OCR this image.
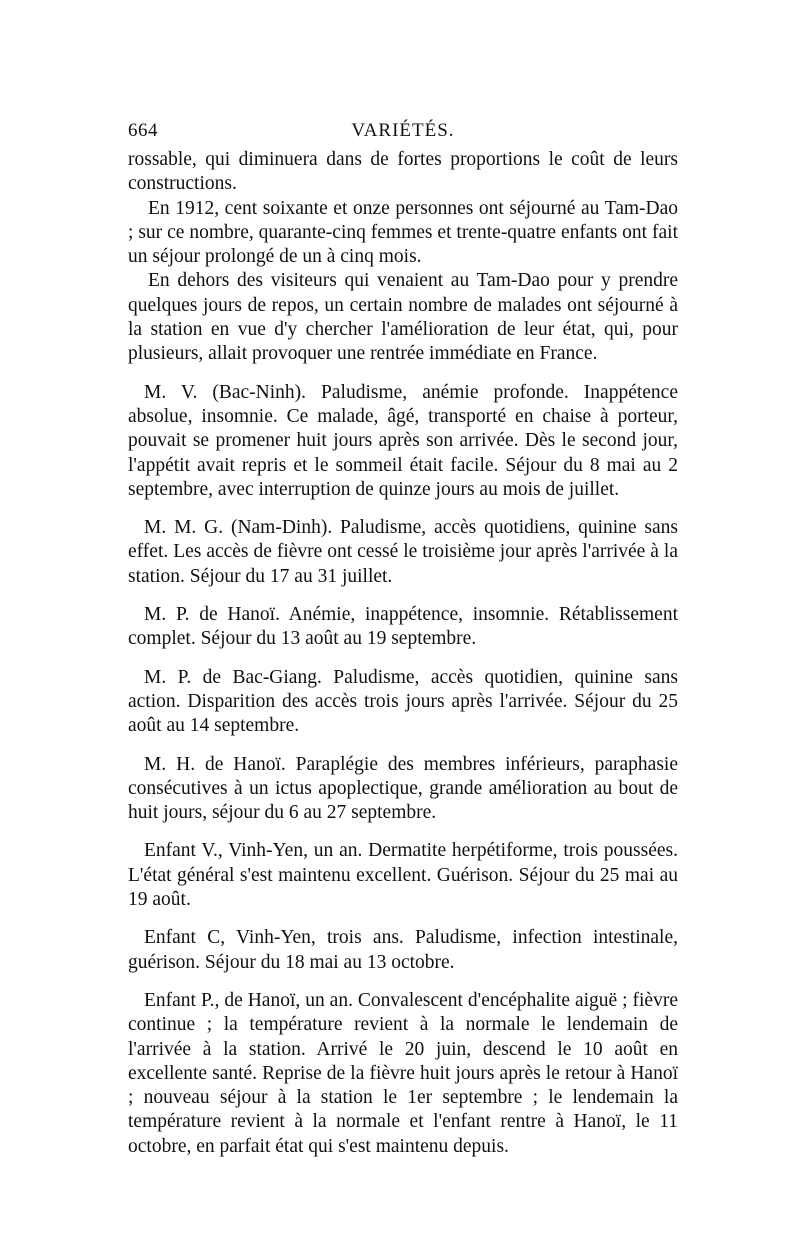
664	VARIÉTÉS.

rossable, qui diminuera dans de fortes proportions le coût de leurs constructions.

En 1912, cent soixante et onze personnes ont séjourné au Tam-Dao ; sur ce nombre, quarante-cinq femmes et trente-quatre enfants ont fait un séjour prolongé de un à cinq mois.

En dehors des visiteurs qui venaient au Tam-Dao pour y prendre quelques jours de repos, un certain nombre de malades ont séjourné à la station en vue d'y chercher l'amélioration de leur état, qui, pour plusieurs, allait provoquer une rentrée immédiate en France.

M. V. (Bac-Ninh). Paludisme, anémie profonde. Inappétence absolue, insomnie. Ce malade, âgé, transporté en chaise à porteur, pouvait se promener huit jours après son arrivée. Dès le second jour, l'appétit avait repris et le sommeil était facile. Séjour du 8 mai au 2 septembre, avec interruption de quinze jours au mois de juillet.

M. M. G. (Nam-Dinh). Paludisme, accès quotidiens, quinine sans effet. Les accès de fièvre ont cessé le troisième jour après l'arrivée à la station. Séjour du 17 au 31 juillet.

M. P. de Hanoï. Anémie, inappétence, insomnie. Rétablissement complet. Séjour du 13 août au 19 septembre.

M. P. de Bac-Giang. Paludisme, accès quotidien, quinine sans action. Disparition des accès trois jours après l'arrivée. Séjour du 25 août au 14 septembre.

M. H. de Hanoï. Paraplégie des membres inférieurs, paraphasie consécutives à un ictus apoplectique, grande amélioration au bout de huit jours, séjour du 6 au 27 septembre.

Enfant V., Vinh-Yen, un an. Dermatite herpétiforme, trois poussées. L'état général s'est maintenu excellent. Guérison. Séjour du 25 mai au 19 août.

Enfant C, Vinh-Yen, trois ans. Paludisme, infection intestinale, guérison. Séjour du 18 mai au 13 octobre.

Enfant P., de Hanoï, un an. Convalescent d'encéphalite aiguë ; fièvre continue ; la température revient à la normale le lendemain de l'arrivée à la station. Arrivé le 20 juin, descend le 10 août en excellente santé. Reprise de la fièvre huit jours après le retour à Hanoï ; nouveau séjour à la station le 1er septembre ; le lendemain la température revient à la normale et l'enfant rentre à Hanoï, le 11 octobre, en parfait état qui s'est maintenu depuis.
